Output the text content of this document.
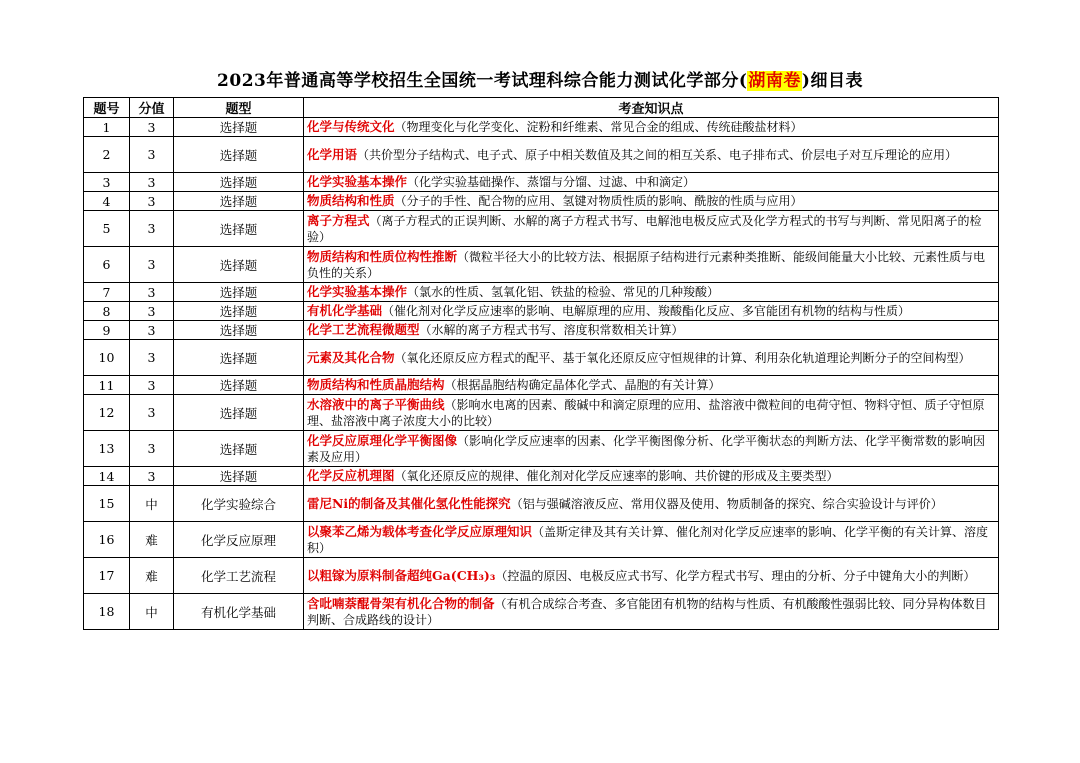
2023年普通高等学校招生全国统一考试理科综合能力测试化学部分(湖南卷)细目表
题号	分值	题型	考查知识点
1	3	选择题	化学与传统文化（物理变化与化学变化、淀粉和纤维素、常见合金的组成、传统硅酸盐材料）
2	3	选择题	化学用语（共价型分子结构式、电子式、原子中相关数值及其之间的相互关系、电子排布式、价层电子对互斥理论的应用）
3	3	选择题	化学实验基本操作（化学实验基础操作、蒸馏与分馏、过滤、中和滴定）
4	3	选择题	物质结构和性质（分子的手性、配合物的应用、氢键对物质性质的影响、酰胺的性质与应用）
5	3	选择题	离子方程式（离子方程式的正误判断、水解的离子方程式书写、电解池电极反应式及化学方程式的书写与判断、常见阳离子的检验）
6	3	选择题	物质结构和性质位构性推断（微粒半径大小的比较方法、根据原子结构进行元素种类推断、能级间能量大小比较、元素性质与电负性的关系）
7	3	选择题	化学实验基本操作（氯水的性质、氢氧化铝、铁盐的检验、常见的几种羧酸）
8	3	选择题	有机化学基础（催化剂对化学反应速率的影响、电解原理的应用、羧酸酯化反应、多官能团有机物的结构与性质）
9	3	选择题	化学工艺流程微题型（水解的离子方程式书写、溶度积常数相关计算）
10	3	选择题	元素及其化合物（氧化还原反应方程式的配平、基于氧化还原反应守恒规律的计算、利用杂化轨道理论判断分子的空间构型）
11	3	选择题	物质结构和性质晶胞结构（根据晶胞结构确定晶体化学式、晶胞的有关计算）
12	3	选择题	水溶液中的离子平衡曲线（影响水电离的因素、酸碱中和滴定原理的应用、盐溶液中微粒间的电荷守恒、物料守恒、质子守恒原理、盐溶液中离子浓度大小的比较）
13	3	选择题	化学反应原理化学平衡图像（影响化学反应速率的因素、化学平衡图像分析、化学平衡状态的判断方法、化学平衡常数的影响因素及应用）
14	3	选择题	化学反应机理图（氧化还原反应的规律、催化剂对化学反应速率的影响、共价键的形成及主要类型）
15	中	化学实验综合	雷尼Ni的制备及其催化氢化性能探究（铝与强碱溶液反应、常用仪器及使用、物质制备的探究、综合实验设计与评价）
16	难	化学反应原理	以聚苯乙烯为载体考查化学反应原理知识（盖斯定律及其有关计算、催化剂对化学反应速率的影响、化学平衡的有关计算、溶度积）
17	难	化学工艺流程	以粗镓为原料制备超纯Ga(CH₃)₃（控温的原因、电极反应式书写、化学方程式书写、理由的分析、分子中键角大小的判断）
18	中	有机化学基础	含吡喃萘醌骨架有机化合物的制备（有机合成综合考查、多官能团有机物的结构与性质、有机酸酸性强弱比较、同分异构体数目判断、合成路线的设计）
